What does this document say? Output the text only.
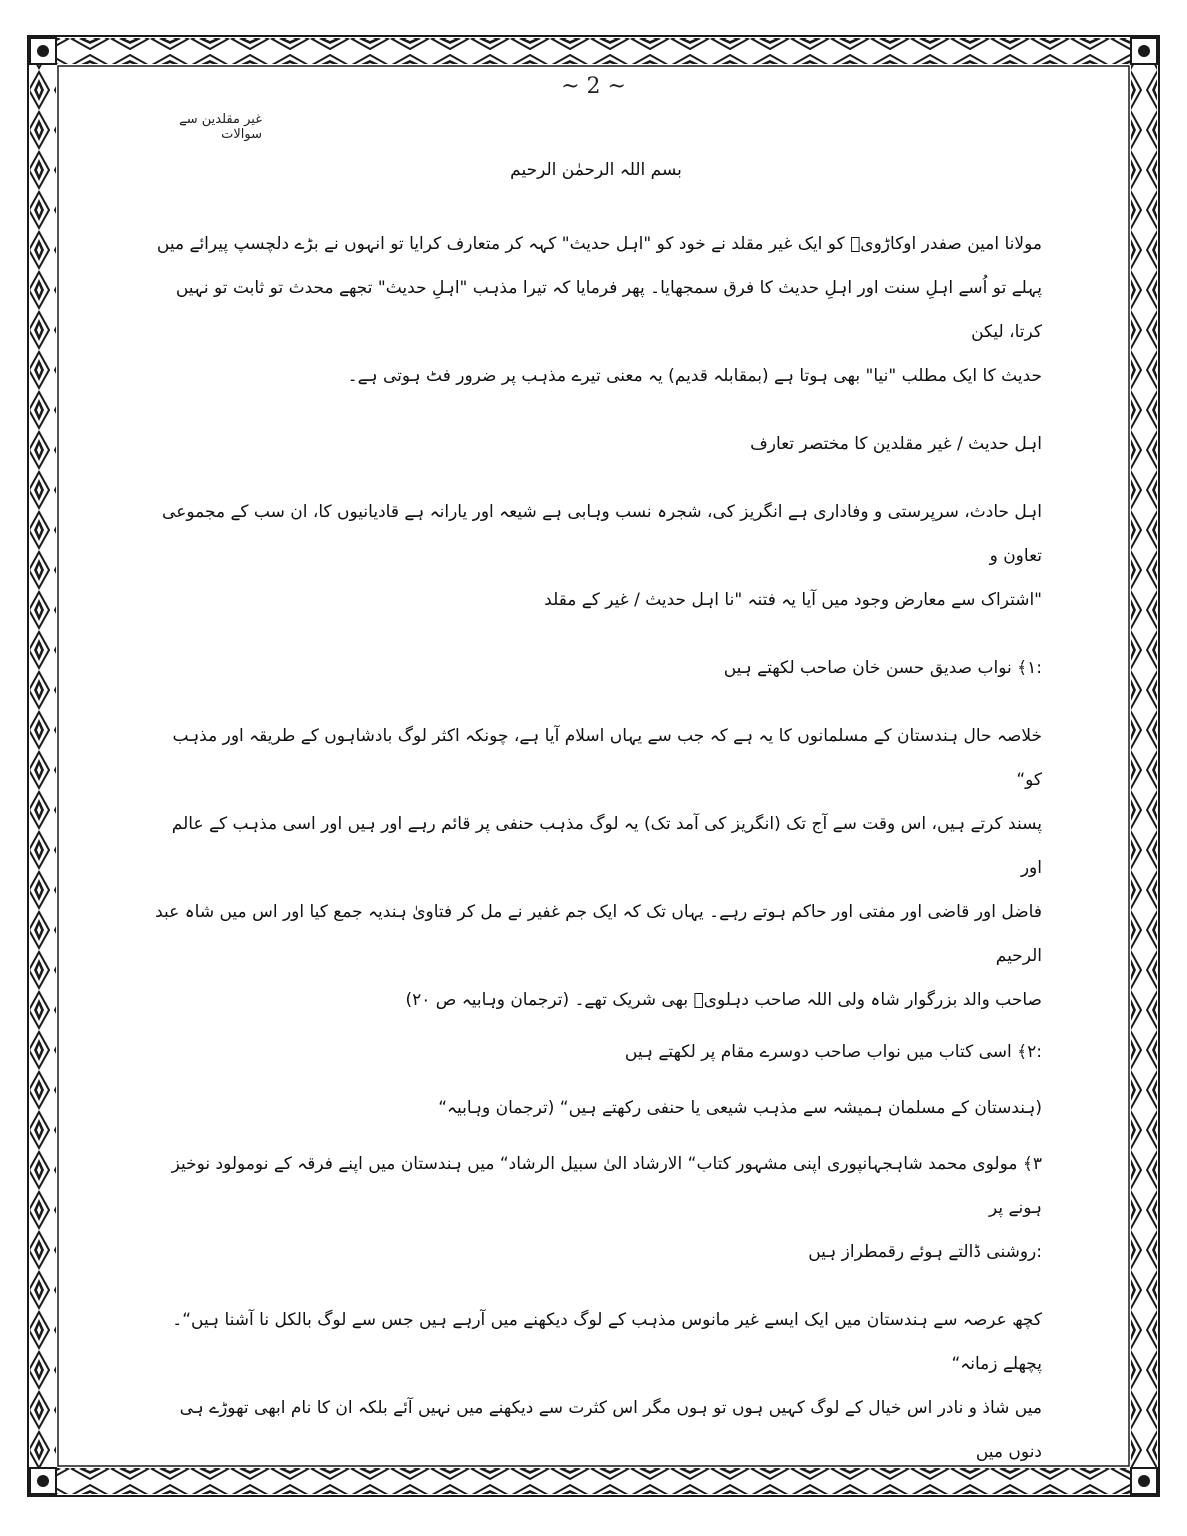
~ 2 ~
غیر مقلدین سے سوالات

بسم اللہ الرحمٰن الرحیم

مولانا امین صفدر اوکاڑویؒ کو ایک غیر مقلد نے خود کو "اہل حدیث" کہہ کر متعارف کرایا تو انہوں نے بڑے دلچسپ پیرائے میں

پہلے تو اُسے اہلِ سنت اور اہلِ حدیث کا فرق سمجھایا۔ پھر فرمایا کہ تیرا مذہب "اہلِ حدیث" تجھے محدث تو ثابت تو نہیں کرتا، لیکن

حدیث کا ایک مطلب "نیا" بھی ہوتا ہے (بمقابلہ قدیم) یہ معنی تیرے مذہب پر ضرور فٹ ہوتی ہے۔

اہل حدیث / غیر مقلدین کا مختصر تعارف

اہل حادث، سرپرستی و وفاداری ہے انگریز کی، شجرہ نسب وہابی ہے شیعہ اور یارانہ ہے قادیانیوں کا، ان سب کے مجموعی تعاون و

"اشتراک سے معارض وجود میں آیا یہ فتنہ "نا اہل حدیث / غیر کے مقلد

:۱﴾ نواب صدیق حسن خان صاحب لکھتے ہیں

خلاصہ حال ہندستان کے مسلمانوں کا یہ ہے کہ جب سے یہاں اسلام آیا ہے، چونکہ اکثر لوگ بادشاہوں کے طریقہ اور مذہب کو“

پسند کرتے ہیں، اس وقت سے آج تک (انگریز کی آمد تک) یہ لوگ مذہب حنفی پر قائم رہے اور ہیں اور اسی مذہب کے عالم اور

فاضل اور قاضی اور مفتی اور حاکم ہوتے رہے۔ یہاں تک کہ ایک جم غفیر نے مل کر فتاویٰ ہندیہ جمع کیا اور اس میں شاہ عبد الرحیم

صاحب والد بزرگوار شاہ ولی اللہ صاحب دہلویؒ بھی شریک تھے۔ (ترجمان وہابیہ ص ۲۰)

:۲﴾ اسی کتاب میں نواب صاحب دوسرے مقام پر لکھتے ہیں

(ہندستان کے مسلمان ہمیشہ سے مذہب شیعی یا حنفی رکھتے ہیں“ (ترجمان وہابیہ“

۳﴾ مولوی محمد شاہجہانپوری اپنی مشہور کتاب“ الارشاد الیٰ سبیل الرشاد“ میں ہندستان میں اپنے فرقہ کے نومولود نوخیز ہونے پر

:روشنی ڈالتے ہوئے رقمطراز ہیں

کچھ عرصہ سے ہندستان میں ایک ایسے غیر مانوس مذہب کے لوگ دیکھنے میں آرہے ہیں جس سے لوگ بالکل نا آشنا ہیں“۔ پچھلے زمانہ“

میں شاذ و نادر اس خیال کے لوگ کہیں ہوں تو ہوں مگر اس کثرت سے دیکھنے میں نہیں آئے بلکہ ان کا نام ابھی تھوڑے ہی دنوں میں
